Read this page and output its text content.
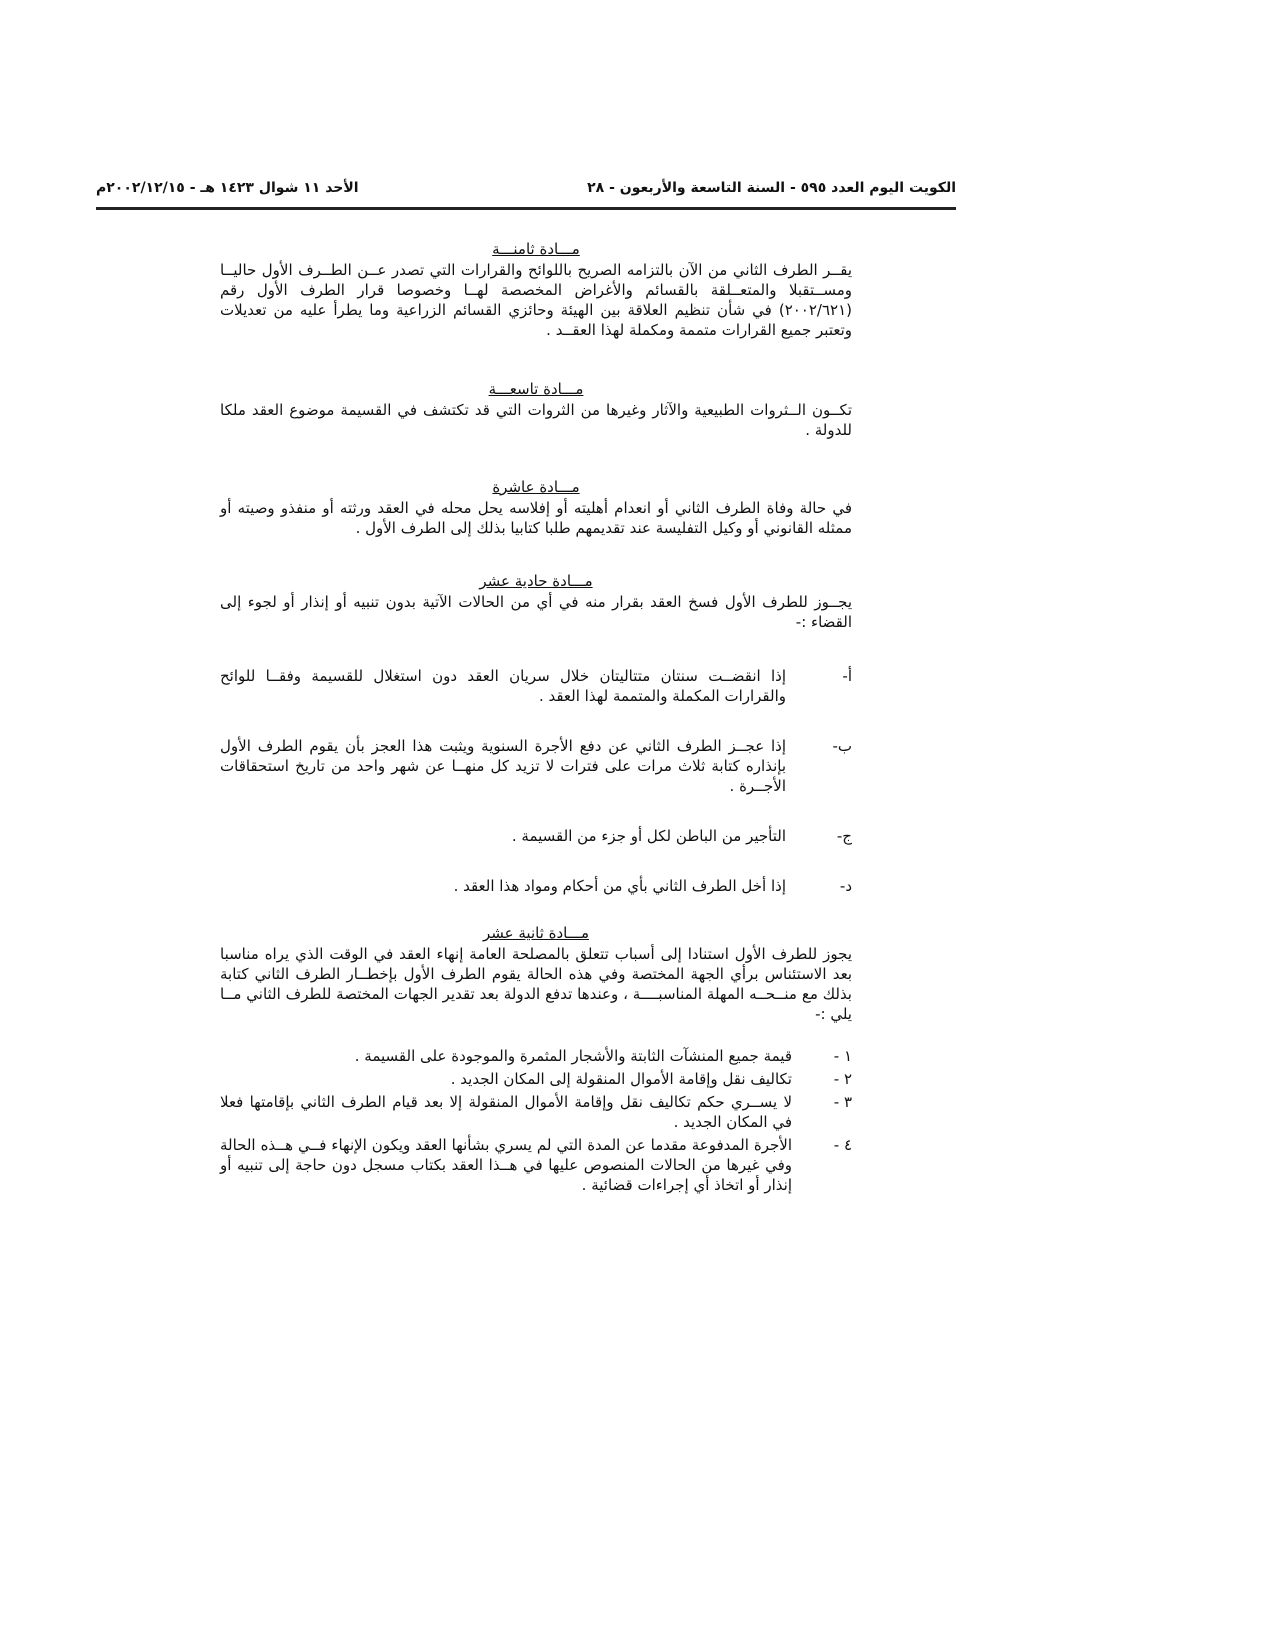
الكويت اليوم العدد ٥٩٥ - السنة التاسعة والأربعون - ٢٨
الأحد ١١ شوال ١٤٢٣ هـ - ٢٠٠٢/١٢/١٥م
مـــادة ثامنـــة

يقــر الطرف الثاني من الآن بالتزامه الصريح باللوائح والقرارات التي تصدر عــن الطــرف الأول حاليــا ومســتقبلا والمتعــلقة بالقسائم والأغراض المخصصة لهــا وخصوصا قرار الطرف الأول رقم (٢٠٠٢/٦٢١) في شأن تنظيم العلاقة بين الهيئة وحائزي القسائم الزراعية وما يطرأ عليه من تعديلات وتعتبر جميع القرارات متممة ومكملة لهذا العقــد .

مـــادة تاسعـــة

تكــون الــثروات الطبيعية والآثار وغيرها من الثروات التي قد تكتشف في القسيمة موضوع العقد ملكا للدولة .

مـــادة عاشرة

في حالة وفاة الطرف الثاني أو انعدام أهليته أو إفلاسه يحل محله في العقد ورثته أو منفذو وصيته أو ممثله القانوني أو وكيل التفليسة عند تقديمهم طلبا كتابيا بذلك إلى الطرف الأول .

مـــادة حادية عشر

يجــوز للطرف الأول فسخ العقد بقرار منه في أي من الحالات الآتية بدون تنبيه أو إنذار أو لجوء إلى القضاء :-

أ-
إذا انقضــت سنتان متتاليتان خلال سريان العقد دون استغلال للقسيمة وفقــا للوائح والقرارات المكملة والمتممة لهذا العقد .
ب-
إذا عجــز الطرف الثاني عن دفع الأجرة السنوية ويثبت هذا العجز بأن يقوم الطرف الأول بإنذاره كتابة ثلاث مرات على فترات لا تزيد كل منهــا عن شهر واحد من تاريخ استحقاقات الأجــرة .
ج-
التأجير من الباطن لكل أو جزء من القسيمة .
د-
إذا أخل الطرف الثاني بأي من أحكام ومواد هذا العقد .
مـــادة ثانية عشر

يجوز للطرف الأول استنادا إلى أسباب تتعلق بالمصلحة العامة إنهاء العقد في الوقت الذي يراه مناسبا بعد الاستئناس برأي الجهة المختصة وفي هذه الحالة يقوم الطرف الأول بإخطــار الطرف الثاني كتابة بذلك مع منــحــه المهلة المناسبــــة ، وعندها تدفع الدولة بعد تقدير الجهات المختصة للطرف الثاني مــا يلي :-

١ -
قيمة جميع المنشآت الثابتة والأشجار المثمرة والموجودة على القسيمة .
٢ -
تكاليف نقل وإقامة الأموال المنقولة إلى المكان الجديد .
٣ -
لا يســري حكم تكاليف نقل وإقامة الأموال المنقولة إلا بعد قيام الطرف الثاني بإقامتها فعلا في المكان الجديد .
٤ -
الأجرة المدفوعة مقدما عن المدة التي لم يسري بشأنها العقد ويكون الإنهاء فــي هــذه الحالة وفي غيرها من الحالات المنصوص عليها في هــذا العقد بكتاب مسجل دون حاجة إلى تنبيه أو إنذار أو اتخاذ أي إجراءات قضائية .
